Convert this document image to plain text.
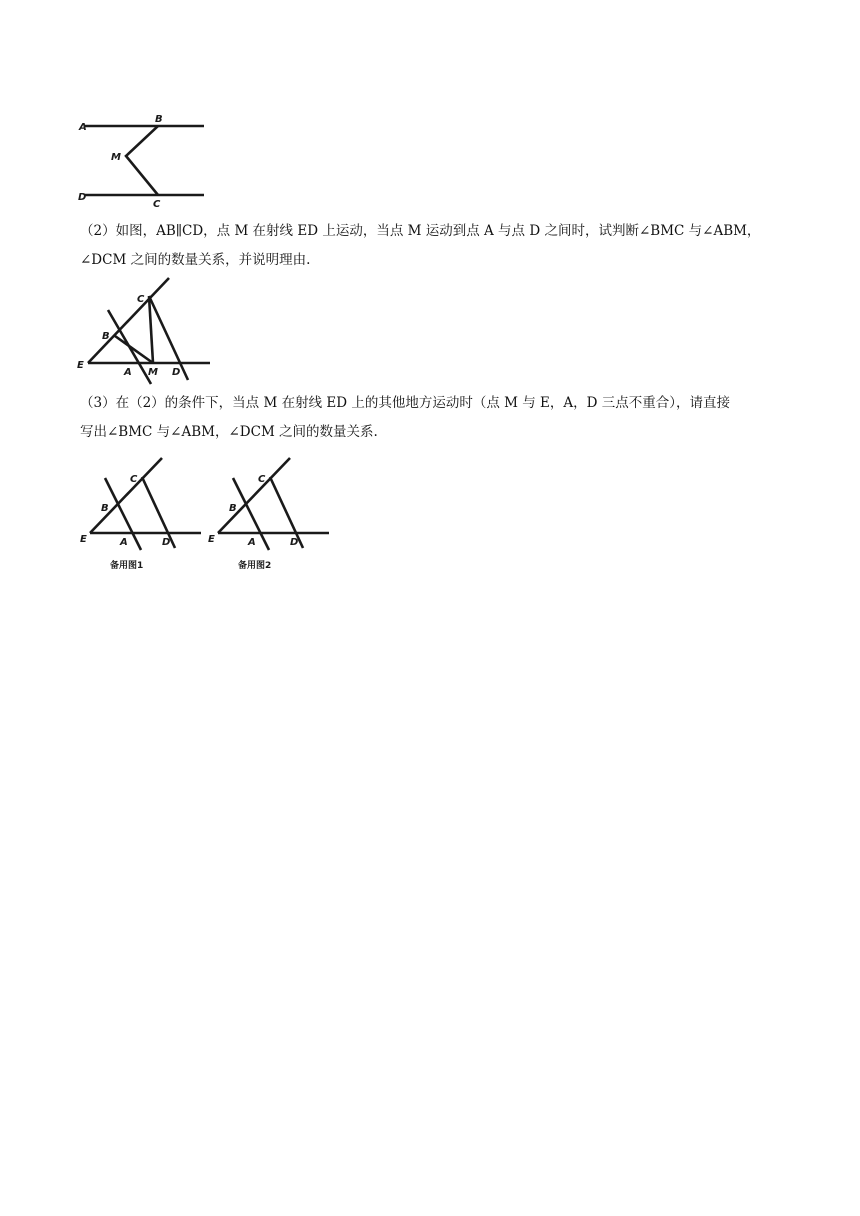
A
B
M
D
C

（2）如图，AB∥CD，点 M 在射线 ED 上运动，当点 M 运动到点 A 与点 D 之间时，试判断∠BMC 与∠ABM，
∠DCM 之间的数量关系，并说明理由.

C
B
E
A M D

（3）在（2）的条件下，当点 M 在射线 ED 上的其他地方运动时（点 M 与 E，A，D 三点不重合），请直接
写出∠BMC 与∠ABM，∠DCM 之间的数量关系.

C
B
E	A	D
备用图1
C
B
E	A	D
备用图2
